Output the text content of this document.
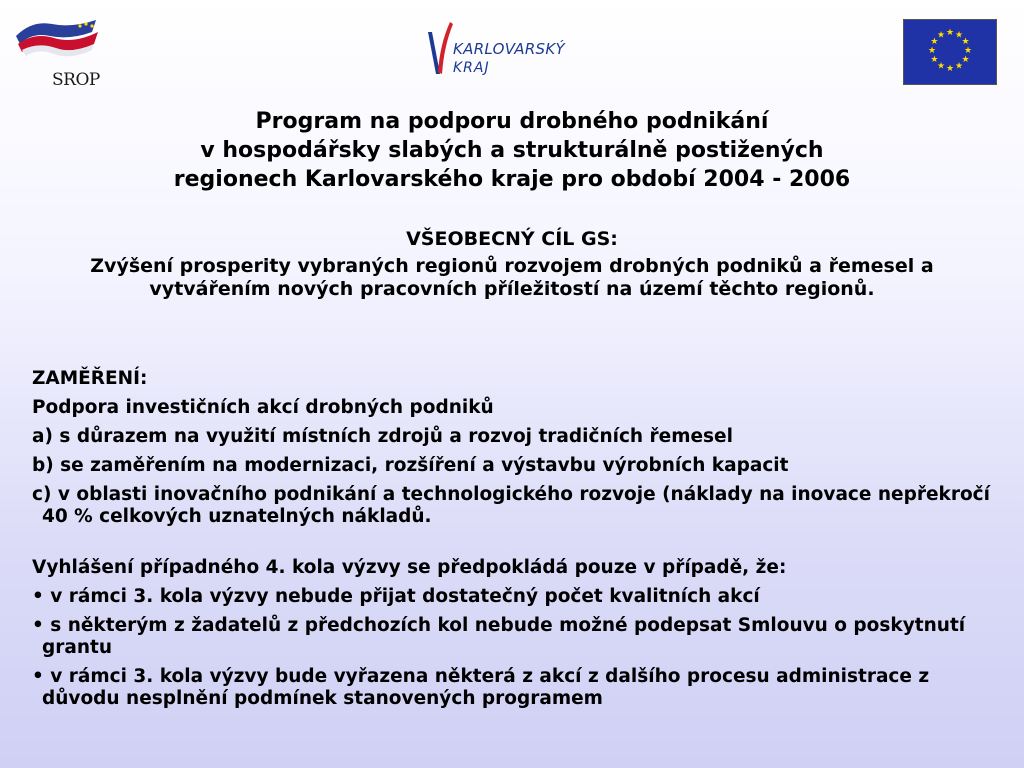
SROP
KARLOVARSKÝ
KRAJ
★ ★
★
★
★
★
★
★
★
★
★
★
Program na podporu drobného podnikání
v hospodářsky slabých a strukturálně postižených
regionech Karlovarského kraje pro období 2004 - 2006
VŠEOBECNÝ CÍL GS:
Zvýšení prosperity vybraných regionů rozvojem drobných podniků a řemesel a vytvářením nových pracovních příležitostí na území těchto regionů.

ZAMĚŘENÍ:

Podpora investičních akcí drobných podniků

a) s důrazem na využití místních zdrojů a rozvoj tradičních řemesel

b) se zaměřením na modernizaci, rozšíření a výstavbu výrobních kapacit

c) v oblasti inovačního podnikání a technologického rozvoje (náklady na inovace nepřekročí 40 % celkových uznatelných nákladů.

Vyhlášení případného 4. kola výzvy se předpokládá pouze v případě, že:

• v rámci 3. kola výzvy nebude přijat dostatečný počet kvalitních akcí

• s některým z žadatelů z předchozích kol nebude možné podepsat Smlouvu o poskytnutí grantu

• v rámci 3. kola výzvy bude vyřazena některá z akcí z dalšího procesu administrace z důvodu nesplnění podmínek stanovených programem
